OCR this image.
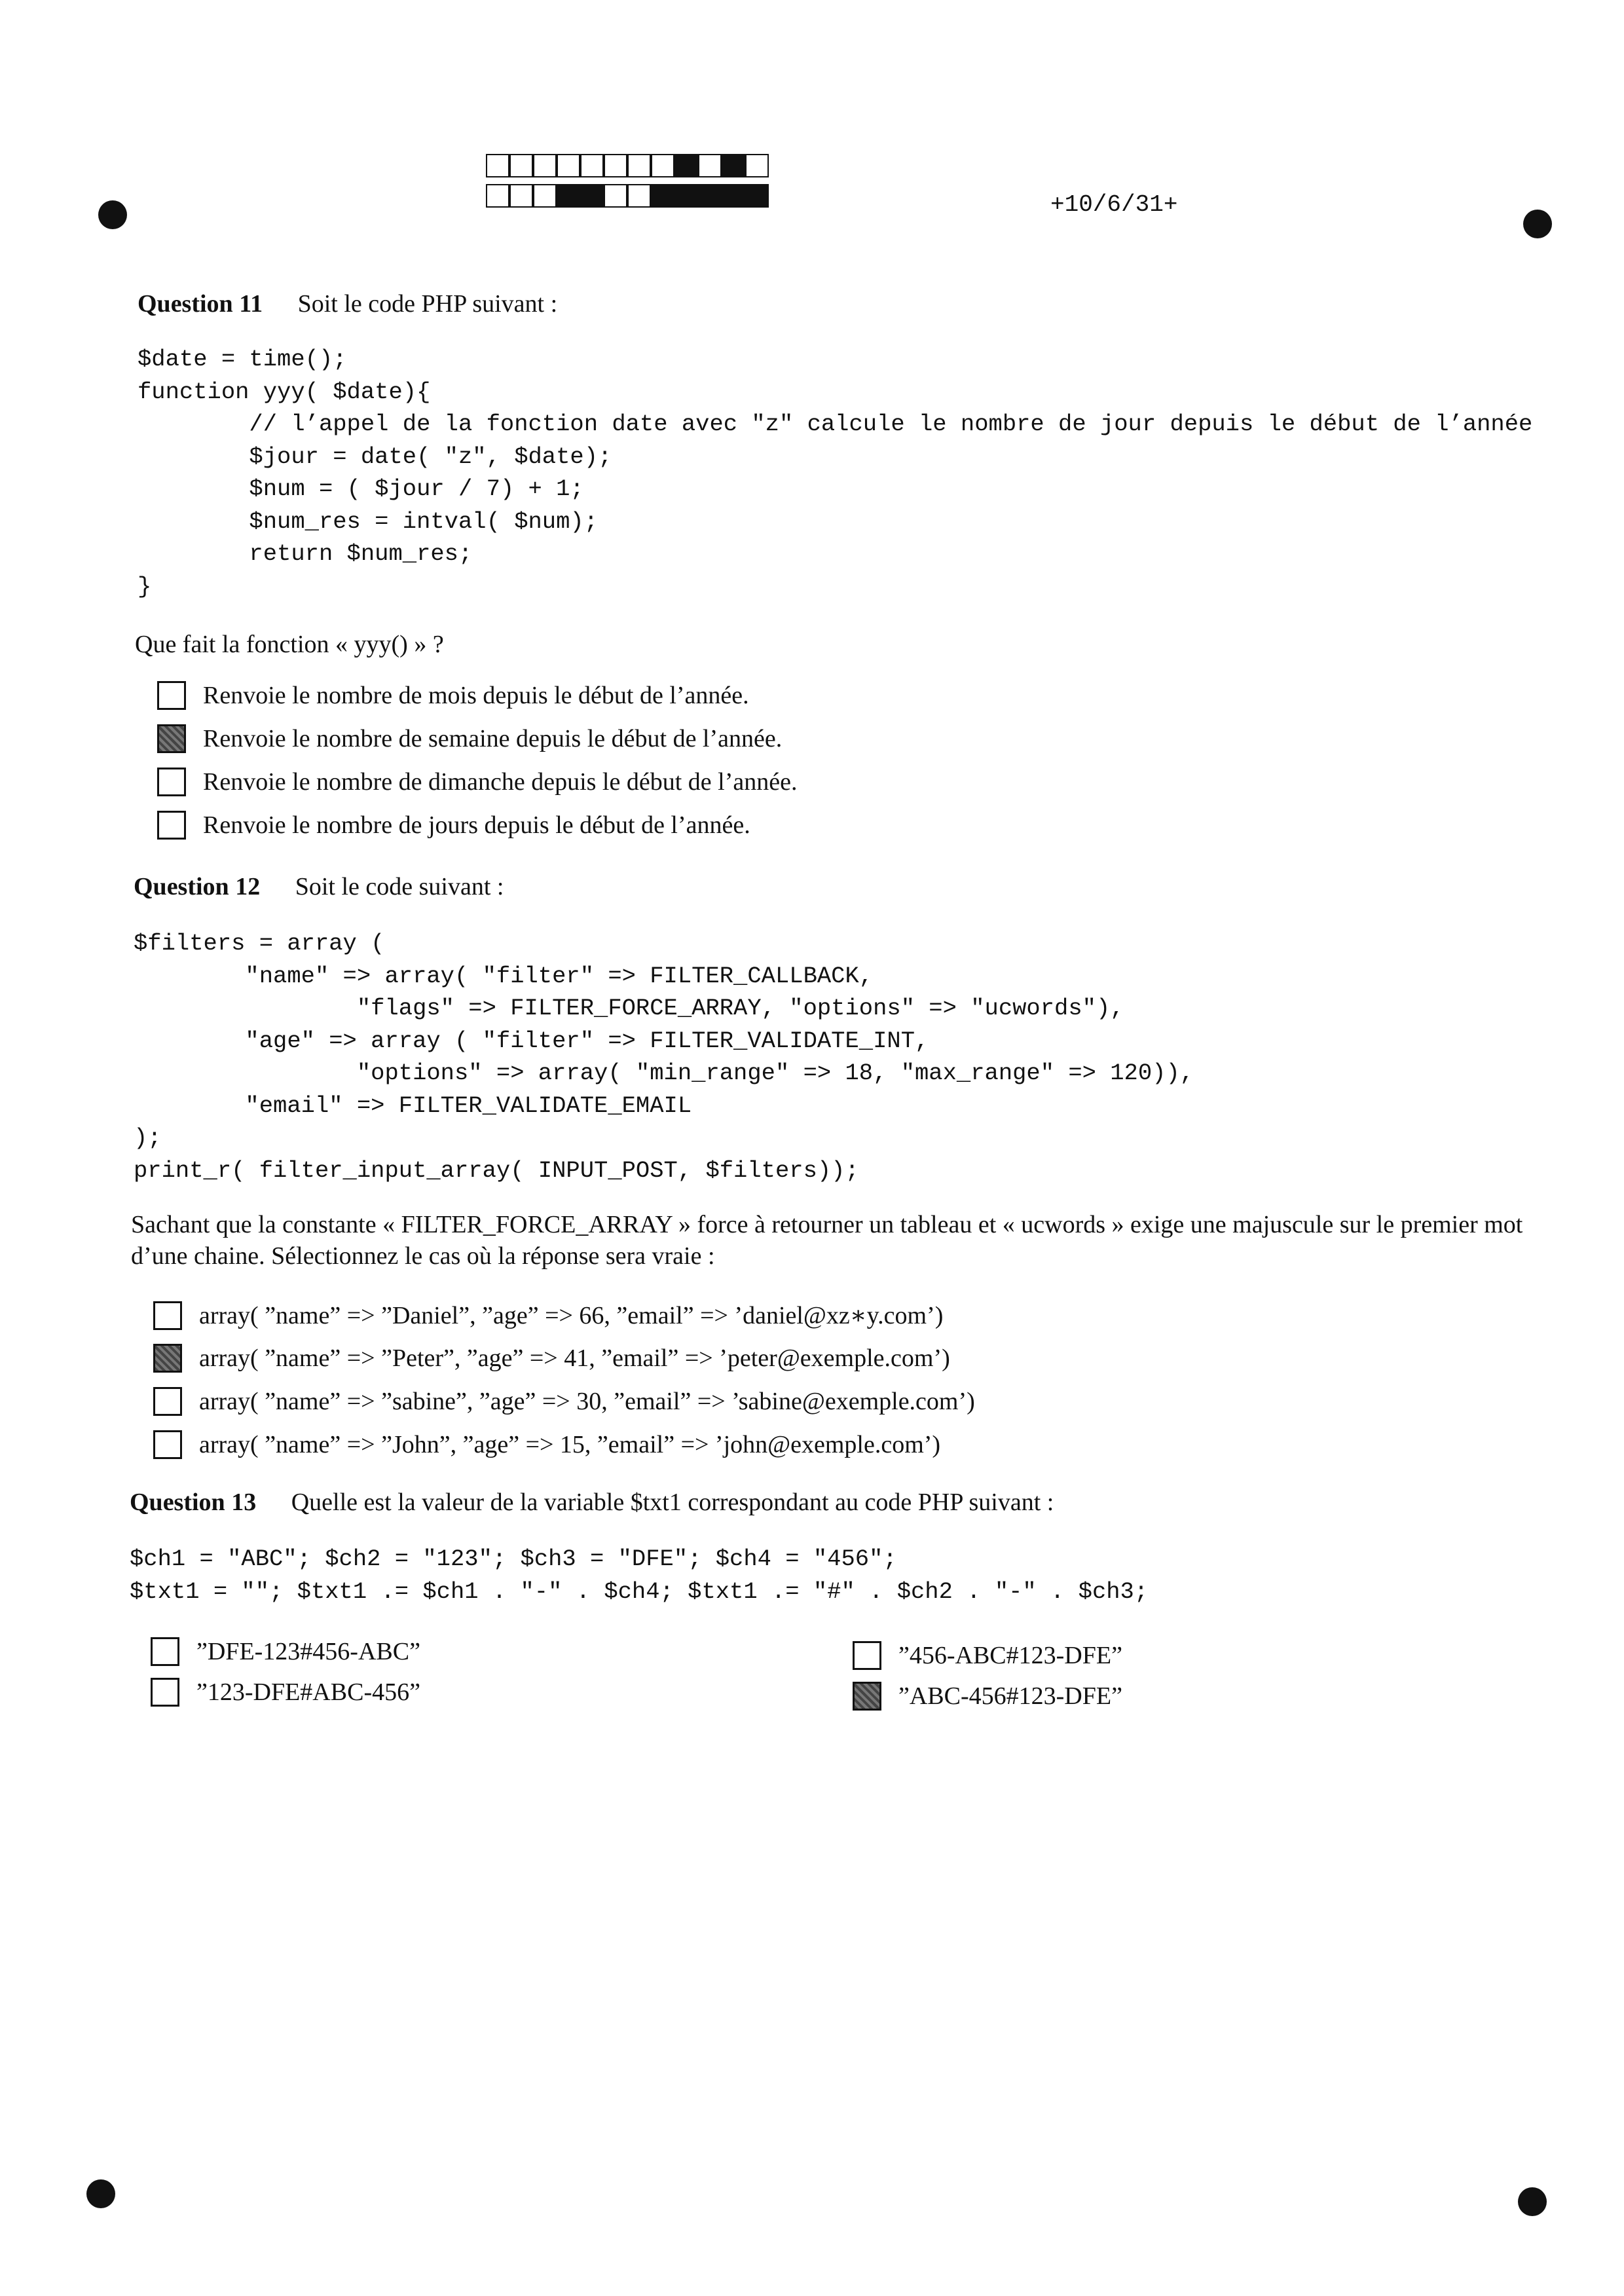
+10/6/31+
Question 11 Soit le code PHP suivant :
$date = time();
function yyy( $date){
// l’appel de la fonction date avec "z" calcule le nombre de jour depuis le début de l’année
$jour = date( "z", $date);
$num = ( $jour / 7) + 1;
$num_res = intval( $num);
return $num_res;
}
Que fait la fonction « yyy() » ?
Renvoie le nombre de mois depuis le début de l’année.
Renvoie le nombre de semaine depuis le début de l’année.
Renvoie le nombre de dimanche depuis le début de l’année.
Renvoie le nombre de jours depuis le début de l’année.
Question 12 Soit le code suivant :
$filters = array (
"name" => array( "filter" => FILTER_CALLBACK,
"flags" => FILTER_FORCE_ARRAY, "options" => "ucwords"),
"age" => array ( "filter" => FILTER_VALIDATE_INT,
"options" => array( "min_range" => 18, "max_range" => 120)),
"email" => FILTER_VALIDATE_EMAIL
);
print_r( filter_input_array( INPUT_POST, $filters));
Sachant que la constante « FILTER_FORCE_ARRAY » force à retourner un tableau et « ucwords » exige une majuscule sur le premier mot d’une chaine. Sélectionnez le cas où la réponse sera vraie :
array( ”name” => ”Daniel”, ”age” => 66, ”email” => ’daniel@xz∗y.com’)
array( ”name” => ”Peter”, ”age” => 41, ”email” => ’peter@exemple.com’)
array( ”name” => ”sabine”, ”age” => 30, ”email” => ’sabine@exemple.com’)
array( ”name” => ”John”, ”age” => 15, ”email” => ’john@exemple.com’)
Question 13 Quelle est la valeur de la variable $txt1 correspondant au code PHP suivant :
$ch1 = "ABC"; $ch2 = "123"; $ch3 = "DFE"; $ch4 = "456";
$txt1 = ""; $txt1 .= $ch1 . "-" . $ch4; $txt1 .= "#" . $ch2 . "-" . $ch3;
”DFE-123#456-ABC”
”123-DFE#ABC-456”
”456-ABC#123-DFE”
”ABC-456#123-DFE”
